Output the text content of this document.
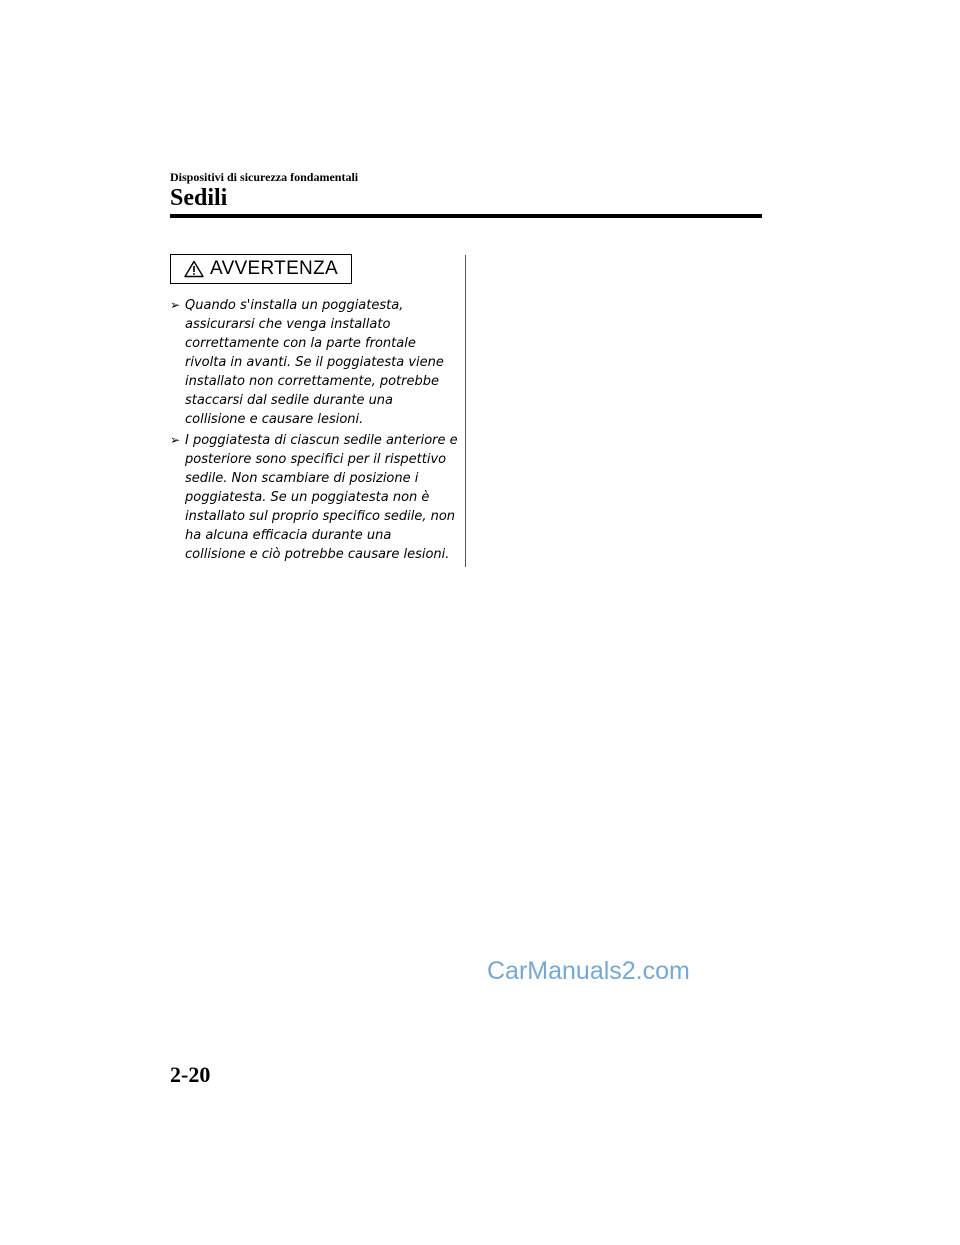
Dispositivi di sicurezza fondamentali
Sedili
AVVERTENZA
➢ Quando s'installa un poggiatesta,
assicurarsi che venga installato
correttamente con la parte frontale
rivolta in avanti. Se il poggiatesta viene
installato non correttamente, potrebbe
staccarsi dal sedile durante una
collisione e causare lesioni.
➢ I poggiatesta di ciascun sedile anteriore e
posteriore sono specifici per il rispettivo
sedile. Non scambiare di posizione i
poggiatesta. Se un poggiatesta non è
installato sul proprio specifico sedile, non
ha alcuna efficacia durante una
collisione e ciò potrebbe causare lesioni.
CarManuals2.com
2-20
